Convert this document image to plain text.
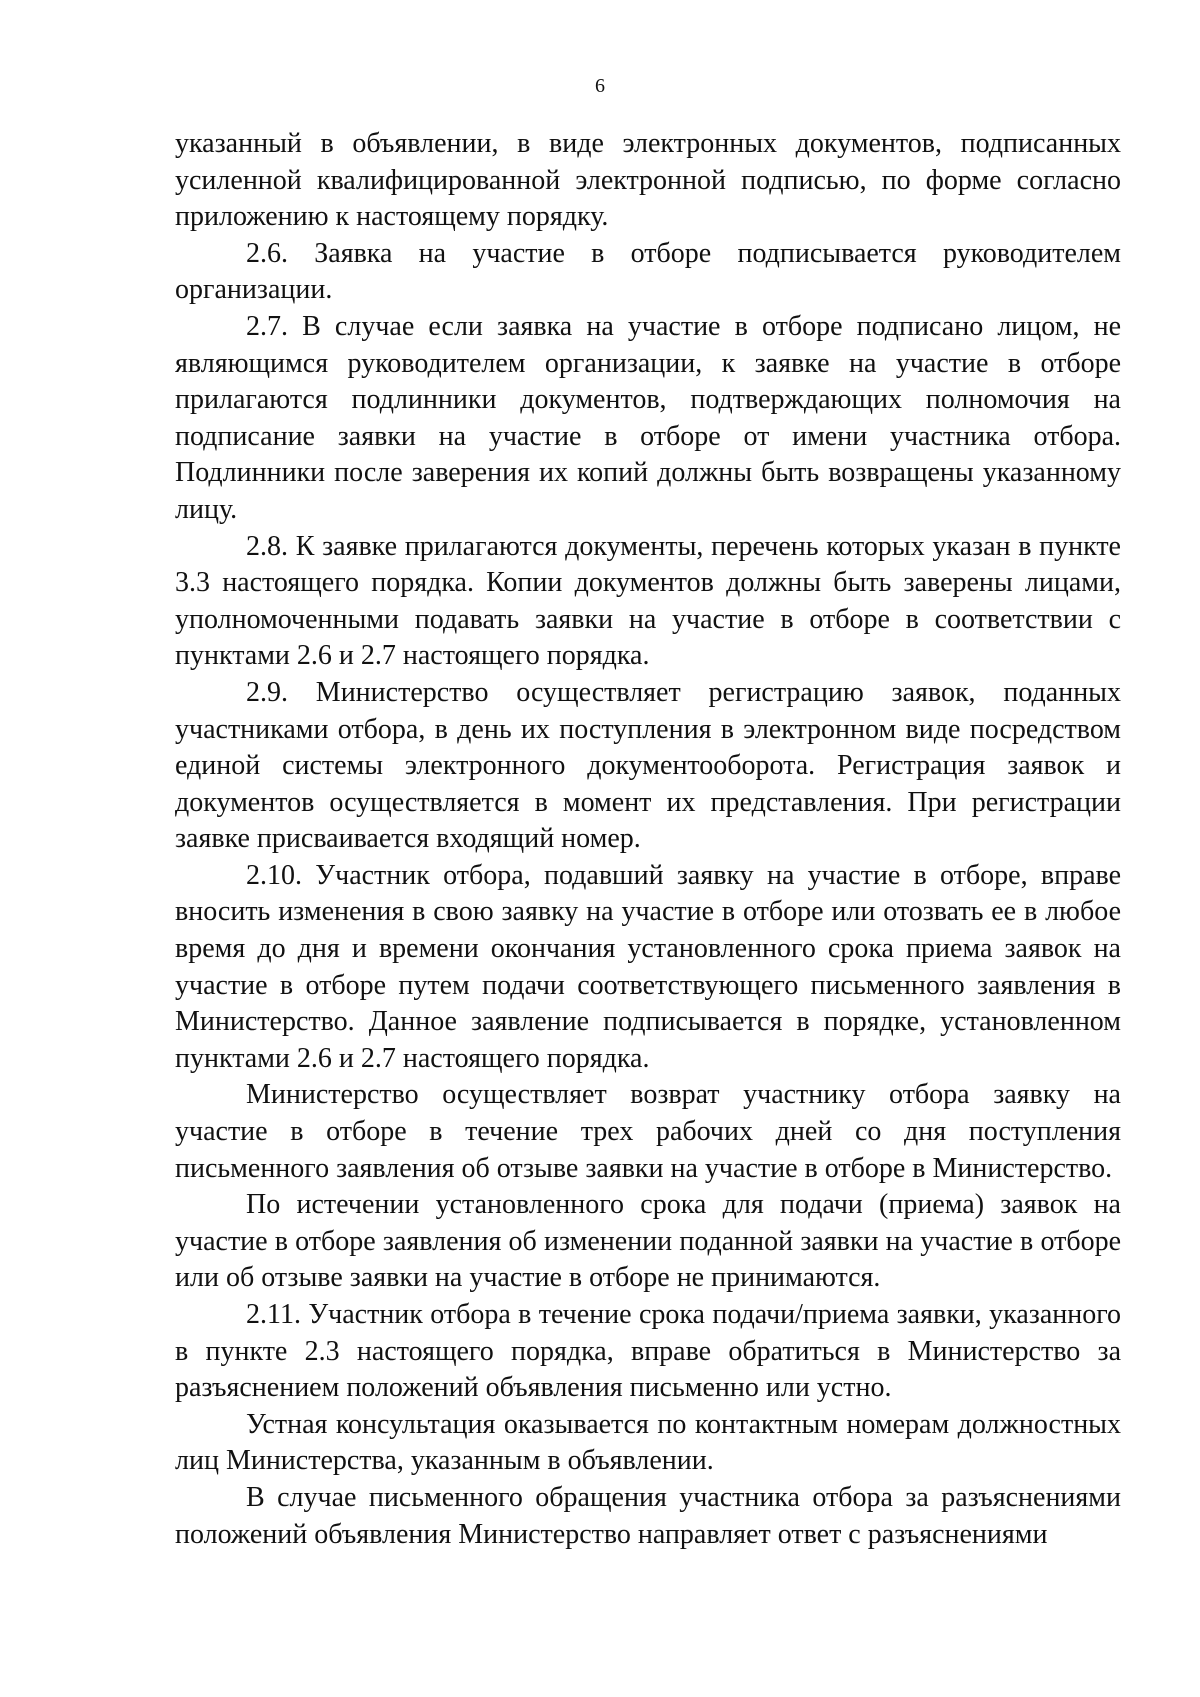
6

указанный в объявлении, в виде электронных документов, подписанных усиленной квалифицированной электронной подписью, по форме согласно приложению к настоящему порядку.

2.6. Заявка на участие в отборе подписывается руководителем организации.

2.7. В случае если заявка на участие в отборе подписано лицом, не являющимся руководителем организации, к заявке на участие в отборе прилагаются подлинники документов, подтверждающих полномочия на подписание заявки на участие в отборе от имени участника отбора. Подлинники после заверения их копий должны быть возвращены указанному лицу.

2.8. К заявке прилагаются документы, перечень которых указан в пункте 3.3 настоящего порядка. Копии документов должны быть заверены лицами, уполномоченными подавать заявки на участие в отборе в соответствии с пунктами 2.6 и 2.7 настоящего порядка.

2.9. Министерство осуществляет регистрацию заявок, поданных участниками отбора, в день их поступления в электронном виде посредством единой системы электронного документооборота. Регистрация заявок и документов осуществляется в момент их представления. При регистрации заявке присваивается входящий номер.

2.10. Участник отбора, подавший заявку на участие в отборе, вправе вносить изменения в свою заявку на участие в отборе или отозвать ее в любое время до дня и времени окончания установленного срока приема заявок на участие в отборе путем подачи соответствующего письменного заявления в Министерство. Данное заявление подписывается в порядке, установленном пунктами 2.6 и 2.7 настоящего порядка.

Министерство осуществляет возврат участнику отбора заявку на участие в отборе в течение трех рабочих дней со дня поступления письменного заявления об отзыве заявки на участие в отборе в Министерство.

По истечении установленного срока для подачи (приема) заявок на участие в отборе заявления об изменении поданной заявки на участие в отборе или об отзыве заявки на участие в отборе не принимаются.

2.11. Участник отбора в течение срока подачи/приема заявки, указанного в пункте 2.3 настоящего порядка, вправе обратиться в Министерство за разъяснением положений объявления письменно или устно.

Устная консультация оказывается по контактным номерам должностных лиц Министерства, указанным в объявлении.

В случае письменного обращения участника отбора за разъяснениями положений объявления Министерство направляет ответ с разъяснениями
